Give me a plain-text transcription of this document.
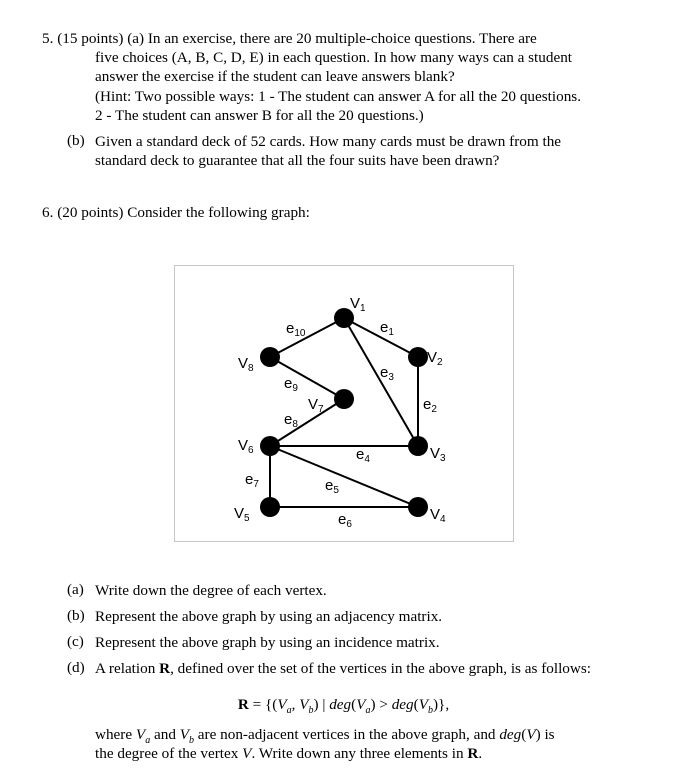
5. (15 points) (a) In an exercise, there are 20 multiple-choice questions. There are
five choices (A, B, C, D, E) in each question. In how many ways can a student
answer the exercise if the student can leave answers blank?
(Hint: Two possible ways: 1 - The student can answer A for all the 20 questions.
2 - The student can answer B for all the 20 questions.)
(b) Given a standard deck of 52 cards. How many cards must be drawn from the
standard deck to guarantee that all the four suits have been drawn?
6. (20 points) Consider the following graph:
$e_1$
$e_2$
$e_3$
$e_4$
$e_5$
$e_6$
$e_7$
$e_8$
$e_9$
$e_{10}$
$V_1$
$V_2$
$V_3$
$V_4$
$V_5$
$V_6$
$V_7$
$V_8$
(a) Write down the degree of each vertex.
(b) Represent the above graph by using an adjacency matrix.
(c) Represent the above graph by using an incidence matrix.
(d) A relation R, defined over the set of the vertices in the above graph, is as follows:
$R = \{(V_a$, $V_b$) | $deg(V_a) > deg(V_b)$},
where $V_a$ and $V_b$ are non-adjacent vertices in the above graph, and deg(V) is
the degree of the vertex V. Write down any three elements in R.
